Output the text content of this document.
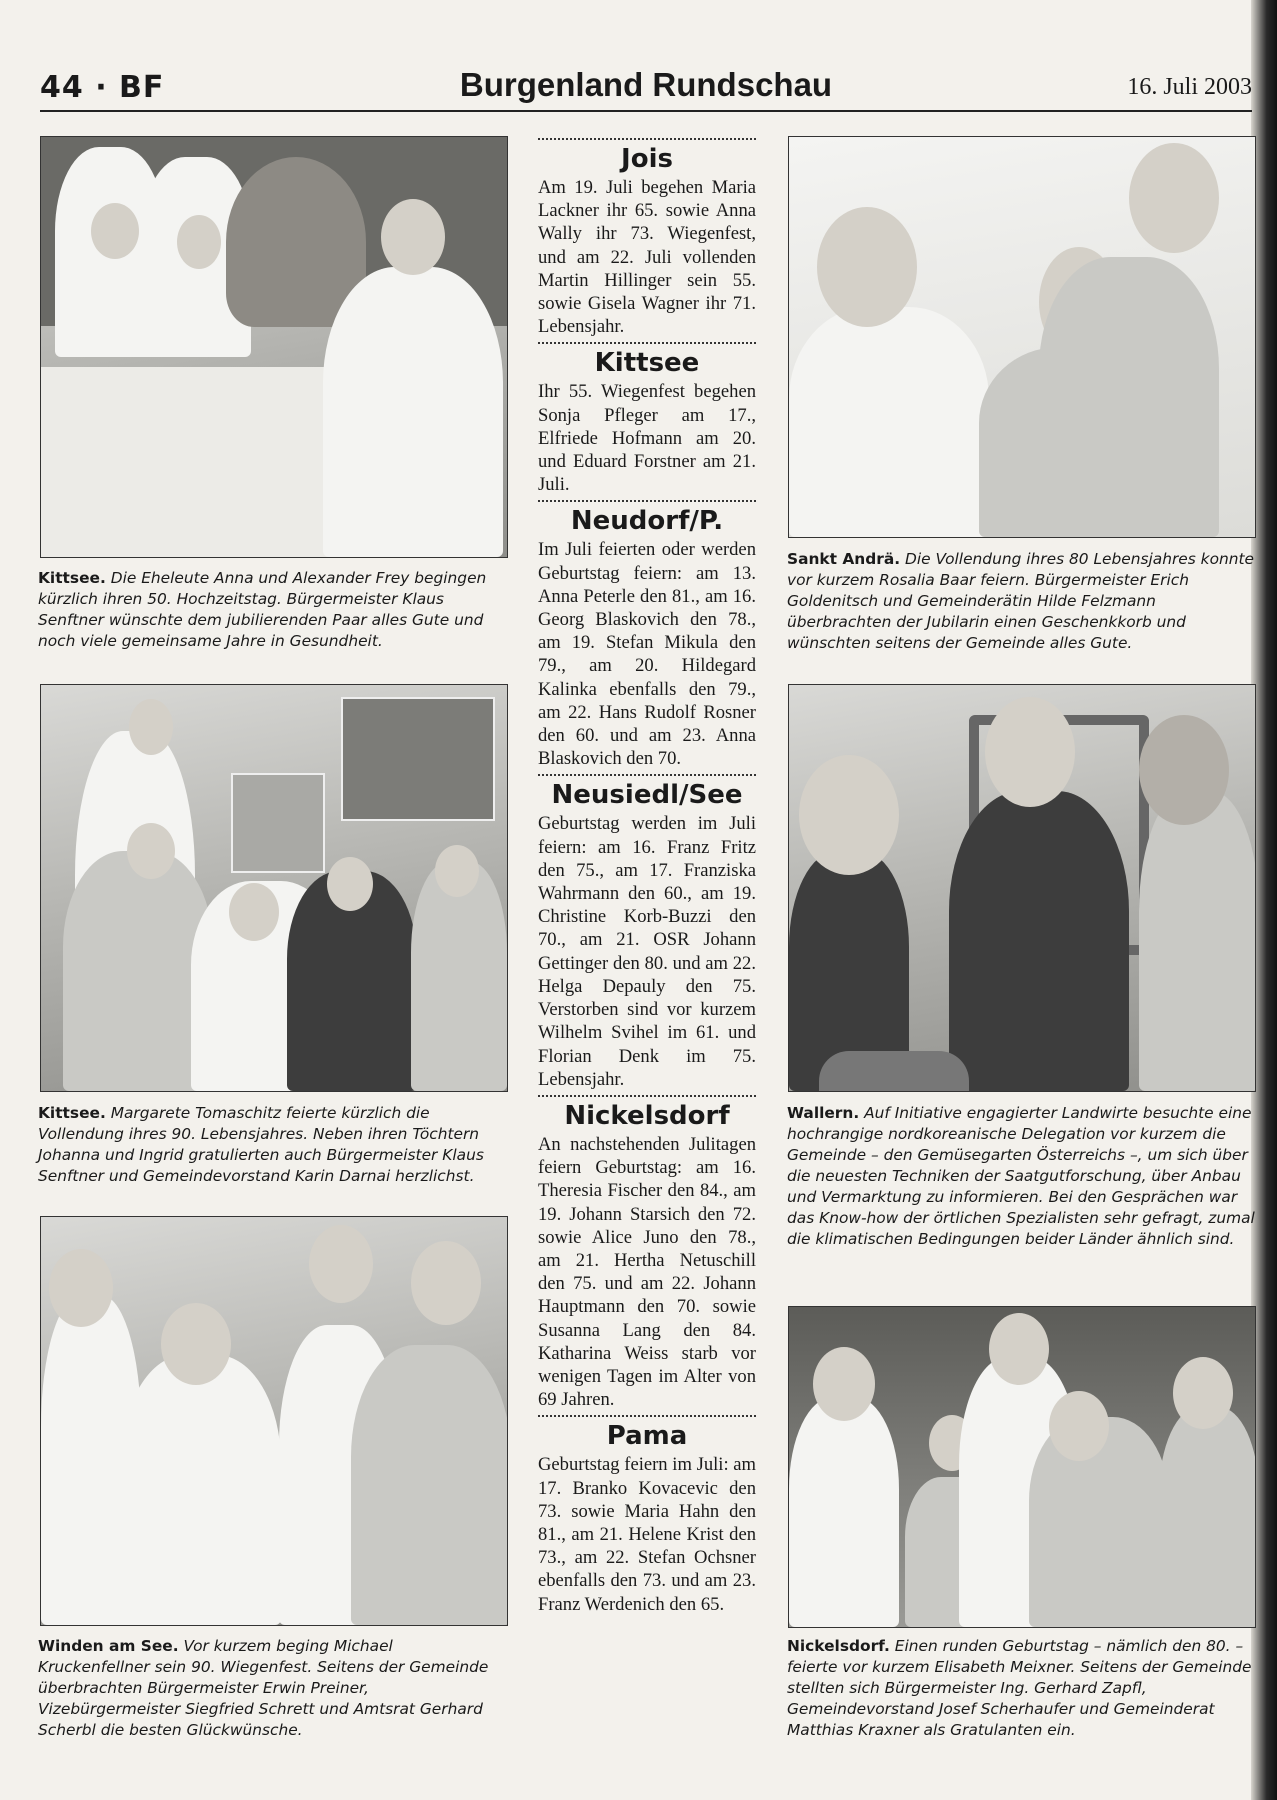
44 · BF	Burgenland Rundschau	16. Juli 2003
Kittsee. Die Eheleute Anna und Alexander Frey begingen kürzlich ihren 50. Hochzeitstag. Bürgermeister Klaus Senftner wünschte dem jubilierenden Paar alles Gute und noch viele gemeinsame Jahre in Gesundheit.
Kittsee. Margarete Tomaschitz feierte kürzlich die Vollendung ihres 90. Lebensjahres. Neben ihren Töchtern Johanna und Ingrid gratulierten auch Bürgermeister Klaus Senftner und Gemeindevorstand Karin Darnai herzlichst.
Winden am See. Vor kurzem beging Michael Kruckenfellner sein 90. Wiegenfest. Seitens der Gemeinde überbrachten Bürgermeister Erwin Preiner, Vizebürgermeister Siegfried Schrett und Amtsrat Gerhard Scherbl die besten Glückwünsche.
Jois
Am 19. Juli begehen Maria Lackner ihr 65. sowie Anna Wally ihr 73. Wiegenfest, und am 22. Juli vollenden Martin Hillinger sein 55. sowie Gisela Wagner ihr 71. Lebensjahr.
Kittsee
Ihr 55. Wiegenfest begehen Sonja Pfleger am 17., Elfriede Hofmann am 20. und Eduard Forstner am 21. Juli.
Neudorf/P.
Im Juli feierten oder werden Geburtstag feiern: am 13. Anna Peterle den 81., am 16. Georg Blaskovich den 78., am 19. Stefan Mikula den 79., am 20. Hildegard Kalinka ebenfalls den 79., am 22. Hans Rudolf Rosner den 60. und am 23. Anna Blaskovich den 70.
Neusiedl/See
Geburtstag werden im Juli feiern: am 16. Franz Fritz den 75., am 17. Franziska Wahrmann den 60., am 19. Christine Korb-Buzzi den 70., am 21. OSR Johann Gettinger den 80. und am 22. Helga Depauly den 75. Verstorben sind vor kurzem Wilhelm Svihel im 61. und Florian Denk im 75. Lebensjahr.
Nickelsdorf
An nachstehenden Julitagen feiern Geburtstag: am 16. Theresia Fischer den 84., am 19. Johann Starsich den 72. sowie Alice Juno den 78., am 21. Hertha Netuschill den 75. und am 22. Johann Hauptmann den 70. sowie Susanna Lang den 84. Katharina Weiss starb vor wenigen Tagen im Alter von 69 Jahren.
Pama
Geburtstag feiern im Juli: am 17. Branko Kovacevic den 73. sowie Maria Hahn den 81., am 21. Helene Krist den 73., am 22. Stefan Ochsner ebenfalls den 73. und am 23. Franz Werdenich den 65.
Sankt Andrä. Die Vollendung ihres 80 Lebensjahres konnte vor kurzem Rosalia Baar feiern. Bürgermeister Erich Goldenitsch und Gemeinderätin Hilde Felzmann überbrachten der Jubilarin einen Geschenkkorb und wünschten seitens der Gemeinde alles Gute.
Wallern. Auf Initiative engagierter Landwirte besuchte eine hochrangige nordkoreanische Delegation vor kurzem die Gemeinde – den Gemüsegarten Österreichs –, um sich über die neuesten Techniken der Saatgutforschung, über Anbau und Vermarktung zu informieren. Bei den Gesprächen war das Know-how der örtlichen Spezialisten sehr gefragt, zumal die klimatischen Bedingungen beider Länder ähnlich sind.
Nickelsdorf. Einen runden Geburtstag – nämlich den 80. – feierte vor kurzem Elisabeth Meixner. Seitens der Gemeinde stellten sich Bürgermeister Ing. Gerhard Zapfl, Gemeindevorstand Josef Scherhaufer und Gemeinderat Matthias Kraxner als Gratulanten ein.
